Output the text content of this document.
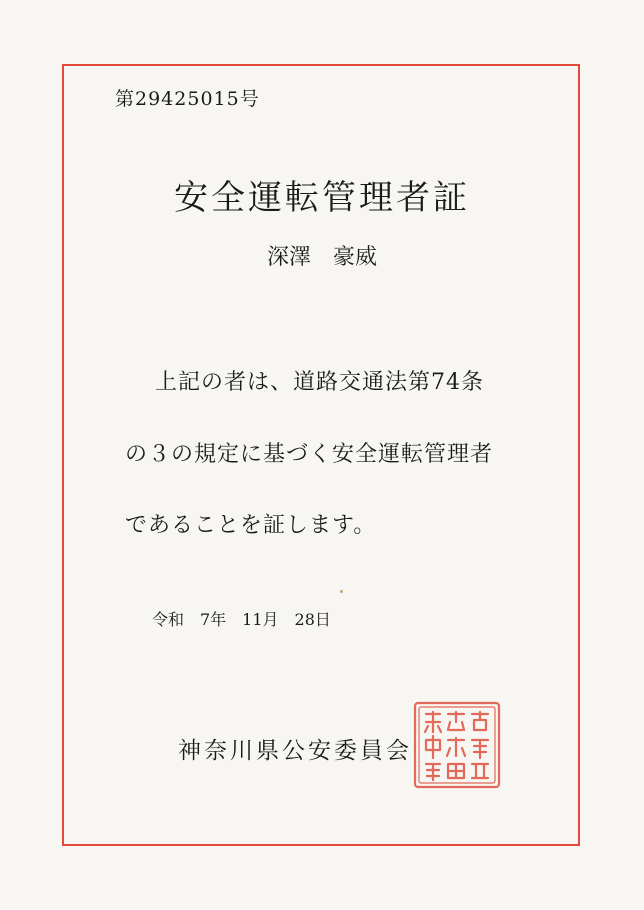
第29425015号
安全運転管理者証
深澤　豪威
上記の者は、道路交通法第74条
の３の規定に基づく安全運転管理者
であることを証します。
令和　7年　11月　28日
神奈川県公安委員会
